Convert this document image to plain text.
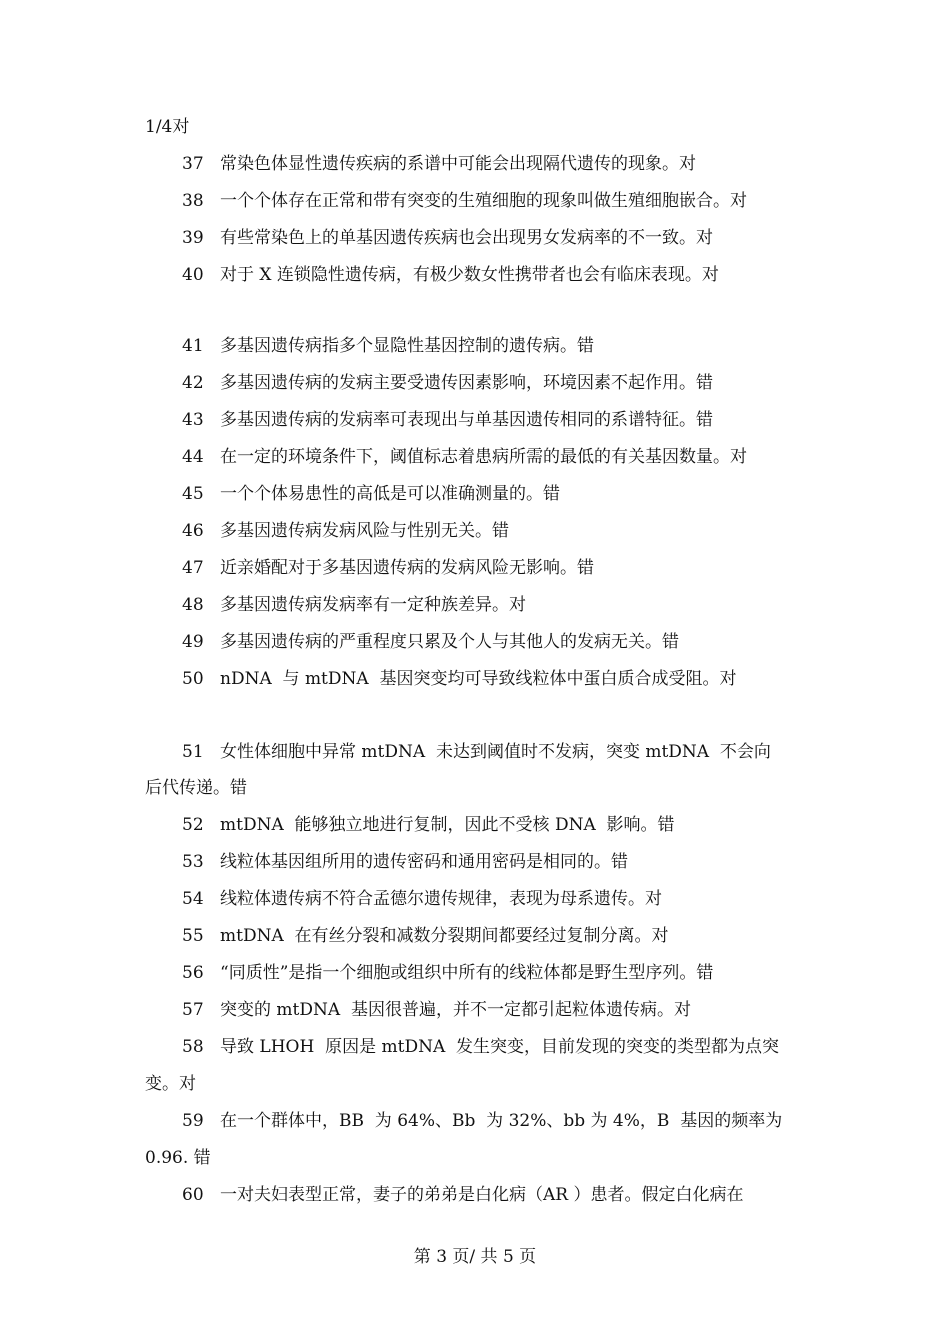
1/4对
37 常染色体显性遗传疾病的系谱中可能会出现隔代遗传的现象。对
38 一个个体存在正常和带有突变的生殖细胞的现象叫做生殖细胞嵌合。对
39 有些常染色上的单基因遗传疾病也会出现男女发病率的不一致。对
40 对于 X 连锁隐性遗传病，有极少数女性携带者也会有临床表现。对
41 多基因遗传病指多个显隐性基因控制的遗传病。错
42 多基因遗传病的发病主要受遗传因素影响，环境因素不起作用。错
43 多基因遗传病的发病率可表现出与单基因遗传相同的系谱特征。错
44 在一定的环境条件下，阈值标志着患病所需的最低的有关基因数量。对
45 一个个体易患性的高低是可以准确测量的。错
46 多基因遗传病发病风险与性别无关。错
47 近亲婚配对于多基因遗传病的发病风险无影响。错
48 多基因遗传病发病率有一定种族差异。对
49 多基因遗传病的严重程度只累及个人与其他人的发病无关。错
50 nDNA  与 mtDNA  基因突变均可导致线粒体中蛋白质合成受阻。对
51 女性体细胞中异常 mtDNA  未达到阈值时不发病，突变 mtDNA  不会向
后代传递。错
52 mtDNA  能够独立地进行复制，因此不受核 DNA  影响。错
53 线粒体基因组所用的遗传密码和通用密码是相同的。错
54 线粒体遗传病不符合孟德尔遗传规律，表现为母系遗传。对
55 mtDNA  在有丝分裂和减数分裂期间都要经过复制分离。对
56 “同质性”是指一个细胞或组织中所有的线粒体都是野生型序列。错
57 突变的 mtDNA  基因很普遍，并不一定都引起粒体遗传病。对
58 导致 LHOH  原因是 mtDNA  发生突变，目前发现的突变的类型都为点突
变。对
59 在一个群体中，BB  为 64%、Bb  为 32%、bb 为 4%，B  基因的频率为
0.96. 错
60 一对夫妇表型正常，妻子的弟弟是白化病（AR ）患者。假定白化病在
第 3 页/ 共 5 页
